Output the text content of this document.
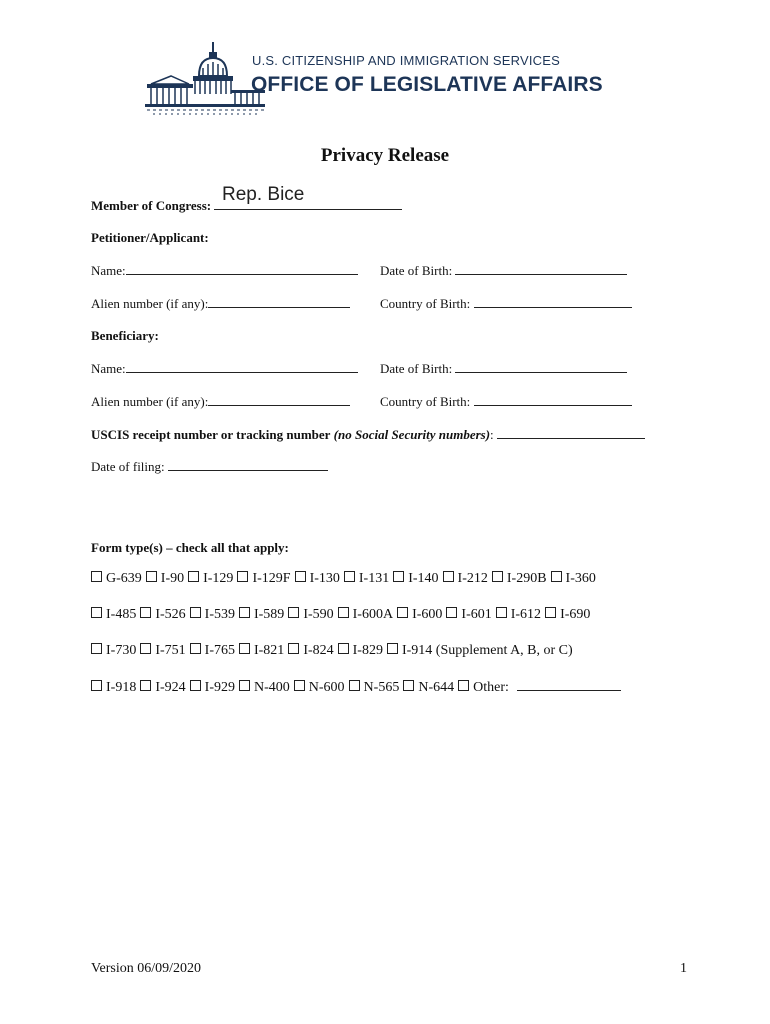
U.S. CITIZENSHIP AND IMMIGRATION SERVICES
OFFICE OF LEGISLATIVE AFFAIRS
Privacy Release
Member of Congress:
Rep. Bice
Petitioner/Applicant:
Name:	Date of Birth:
Alien number (if any):	Country of Birth:
Beneficiary:
Name:	Date of Birth:
Alien number (if any):	Country of Birth:
USCIS receipt number or tracking number (no Social Security numbers):
Date of filing:
Form type(s) – check all that apply:
G-639 I-90 I-129 I-129F I-130 I-131 I-140 I-212 I-290B I-360
I-485 I-526 I-539 I-589 I-590 I-600A I-600 I-601 I-612 I-690
I-730 I-751 I-765 I-821 I-824 I-829 I-914 (Supplement A, B, or C)
I-918 I-924 I-929 N-400 N-600 N-565 N-644 Other:
Version 06/09/2020	1
